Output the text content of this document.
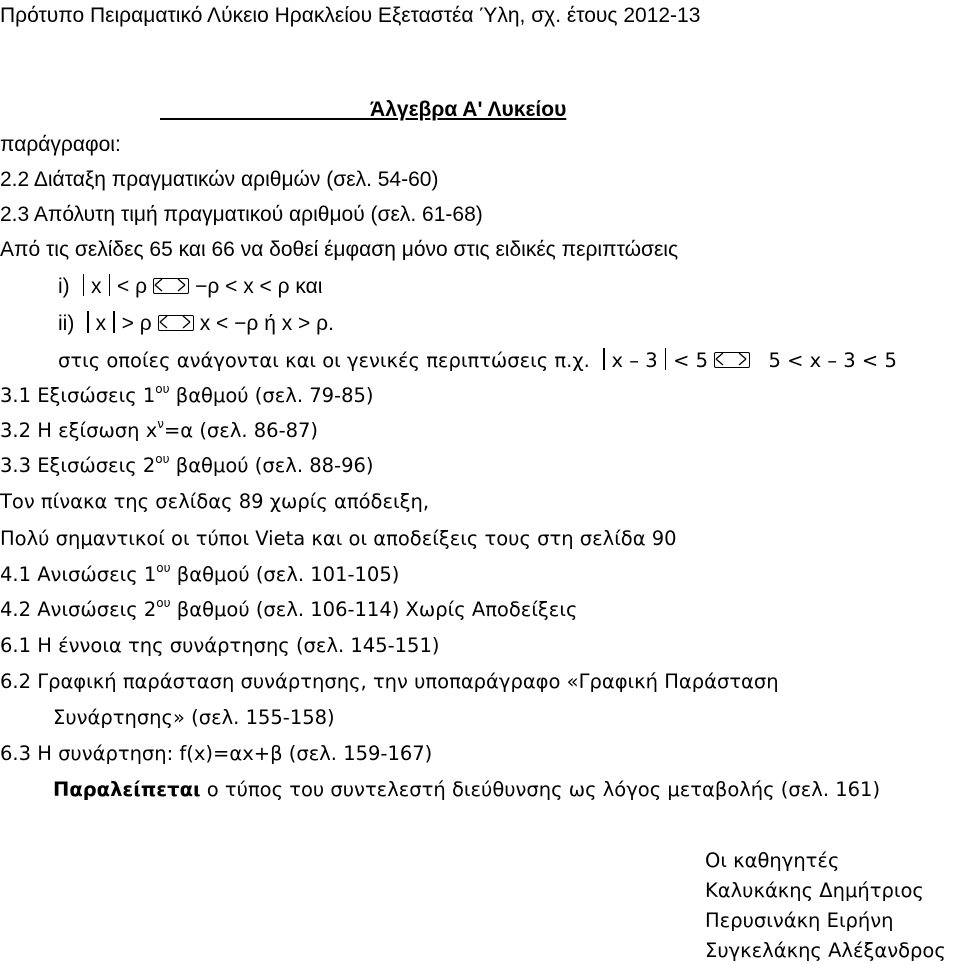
Πρότυπο Πειραματικό Λύκειο Ηρακλείου Εξεταστέα Ύλη, σχ. έτους 2012-13
Άλγεβρα Α' Λυκείου
παράγραφοι:
2.2 Διάταξη πραγματικών αριθμών (σελ. 54-60)
2.3 Απόλυτη τιμή πραγματικού αριθμού (σελ. 61-68)
Από τις σελίδες 65 και 66 να δοθεί έμφαση μόνο στις ειδικές περιπτώσεις
i) x < ρ −ρ < x < ρ και
ii) x > ρ x < −ρ ή x > ρ.
στις οποίες ανάγονται και οι γενικές περιπτώσεις π.χ. x – 3 < 5	5 < x – 3 < 5
3.1 Εξισώσεις $1^{o\upsilon}$ βαθμού (σελ. 79-85)
3.2 Η εξίσωση $x^\nu=\alpha$ (σελ. 86-87)
3.3 Εξισώσεις $2^{o\upsilon}$ βαθμού (σελ. 88-96)
Τον πίνακα της σελίδας 89 χωρίς απόδειξη,
Πολύ σημαντικοί οι τύποι Vieta και οι αποδείξεις τους στη σελίδα 90
4.1 Ανισώσεις $1^{o\upsilon}$ βαθμού (σελ. 101-105)
4.2 Ανισώσεις $2^{o\upsilon}$ βαθμού (σελ. 106-114) Χωρίς Αποδείξεις
6.1 Η έννοια της συνάρτησης (σελ. 145-151)
6.2 Γραφική παράσταση συνάρτησης, την υποπαράγραφο «Γραφική Παράσταση
Συνάρτησης» (σελ. 155-158)
6.3 Η συνάρτηση: f(x)=αx+β (σελ. 159-167)
Παραλείπεται ο τύπος του συντελεστή διεύθυνσης ως λόγος μεταβολής (σελ. 161)
Οι καθηγητές
Καλυκάκης Δημήτριος
Περυσινάκη Ειρήνη
Συγκελάκης Αλέξανδρος
